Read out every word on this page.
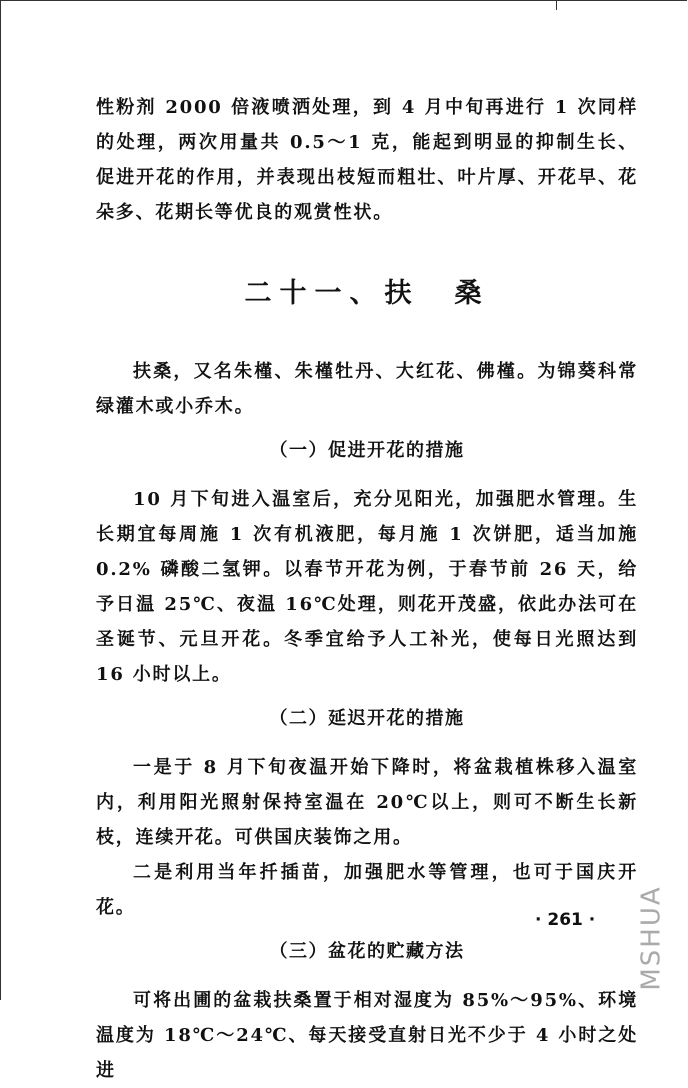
性粉剂 2000 倍液喷洒处理，到 4 月中旬再进行 1 次同样的处理，两次用量共 0.5～1 克，能起到明显的抑制生长、促进开花的作用，并表现出枝短而粗壮、叶片厚、开花早、花朵多、花期长等优良的观赏性状。

二十一、扶　桑

扶桑，又名朱槿、朱槿牡丹、大红花、佛槿。为锦葵科常绿灌木或小乔木。

（一）促进开花的措施

10 月下旬进入温室后，充分见阳光，加强肥水管理。生长期宜每周施 1 次有机液肥，每月施 1 次饼肥，适当加施 0.2% 磷酸二氢钾。以春节开花为例，于春节前 26 天，给予日温 25℃、夜温 16℃处理，则花开茂盛，依此办法可在圣诞节、元旦开花。冬季宜给予人工补光，使每日光照达到 16 小时以上。

（二）延迟开花的措施

一是于 8 月下旬夜温开始下降时，将盆栽植株移入温室内，利用阳光照射保持室温在 20℃以上，则可不断生长新枝，连续开花。可供国庆装饰之用。

二是利用当年扦插苗，加强肥水等管理，也可于国庆开花。

（三）盆花的贮藏方法

可将出圃的盆栽扶桑置于相对湿度为 85%～95%、环境温度为 18℃～24℃、每天接受直射日光不少于 4 小时之处进

· 261 · MSHUA
